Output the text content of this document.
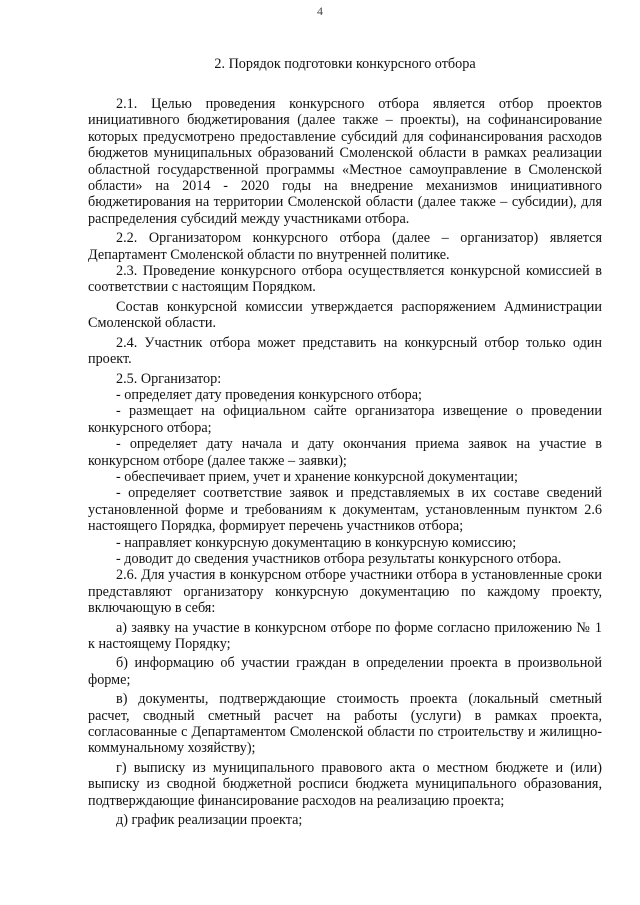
4
2. Порядок подготовки конкурсного отбора

2.1. Целью проведения конкурсного отбора является отбор проектов инициативного бюджетирования (далее также – проекты), на софинансирование которых предусмотрено предоставление субсидий для софинансирования расходов бюджетов муниципальных образований Смоленской области в рамках реализации областной государственной программы «Местное самоуправление в Смоленской области» на 2014 - 2020 годы на внедрение механизмов инициативного бюджетирования на территории Смоленской области (далее также – субсидии), для распределения субсидий между участниками отбора.

2.2. Организатором конкурсного отбора (далее – организатор) является Департамент Смоленской области по внутренней политике.

2.3. Проведение конкурсного отбора осуществляется конкурсной комиссией в соответствии с настоящим Порядком.

Состав конкурсной комиссии утверждается распоряжением Администрации Смоленской области.

2.4. Участник отбора может представить на конкурсный отбор только один проект.

2.5. Организатор:

- определяет дату проведения конкурсного отбора;

- размещает на официальном сайте организатора извещение о проведении конкурсного отбора;

- определяет дату начала и дату окончания приема заявок на участие в конкурсном отборе (далее также – заявки);

- обеспечивает прием, учет и хранение конкурсной документации;

- определяет соответствие заявок и представляемых в их составе сведений установленной форме и требованиям к документам, установленным пунктом 2.6 настоящего Порядка, формирует перечень участников отбора;

- направляет конкурсную документацию в конкурсную комиссию;

- доводит до сведения участников отбора результаты конкурсного отбора.

2.6. Для участия в конкурсном отборе участники отбора в установленные сроки представляют организатору конкурсную документацию по каждому проекту, включающую в себя:

а) заявку на участие в конкурсном отборе по форме согласно приложению № 1 к настоящему Порядку;

б) информацию об участии граждан в определении проекта в произвольной форме;

в) документы, подтверждающие стоимость проекта (локальный сметный расчет, сводный сметный расчет на работы (услуги) в рамках проекта, согласованные с Департаментом Смоленской области по строительству и жилищно-коммунальному хозяйству);

г) выписку из муниципального правового акта о местном бюджете и (или) выписку из сводной бюджетной росписи бюджета муниципального образования, подтверждающие финансирование расходов на реализацию проекта;

д) график реализации проекта;
